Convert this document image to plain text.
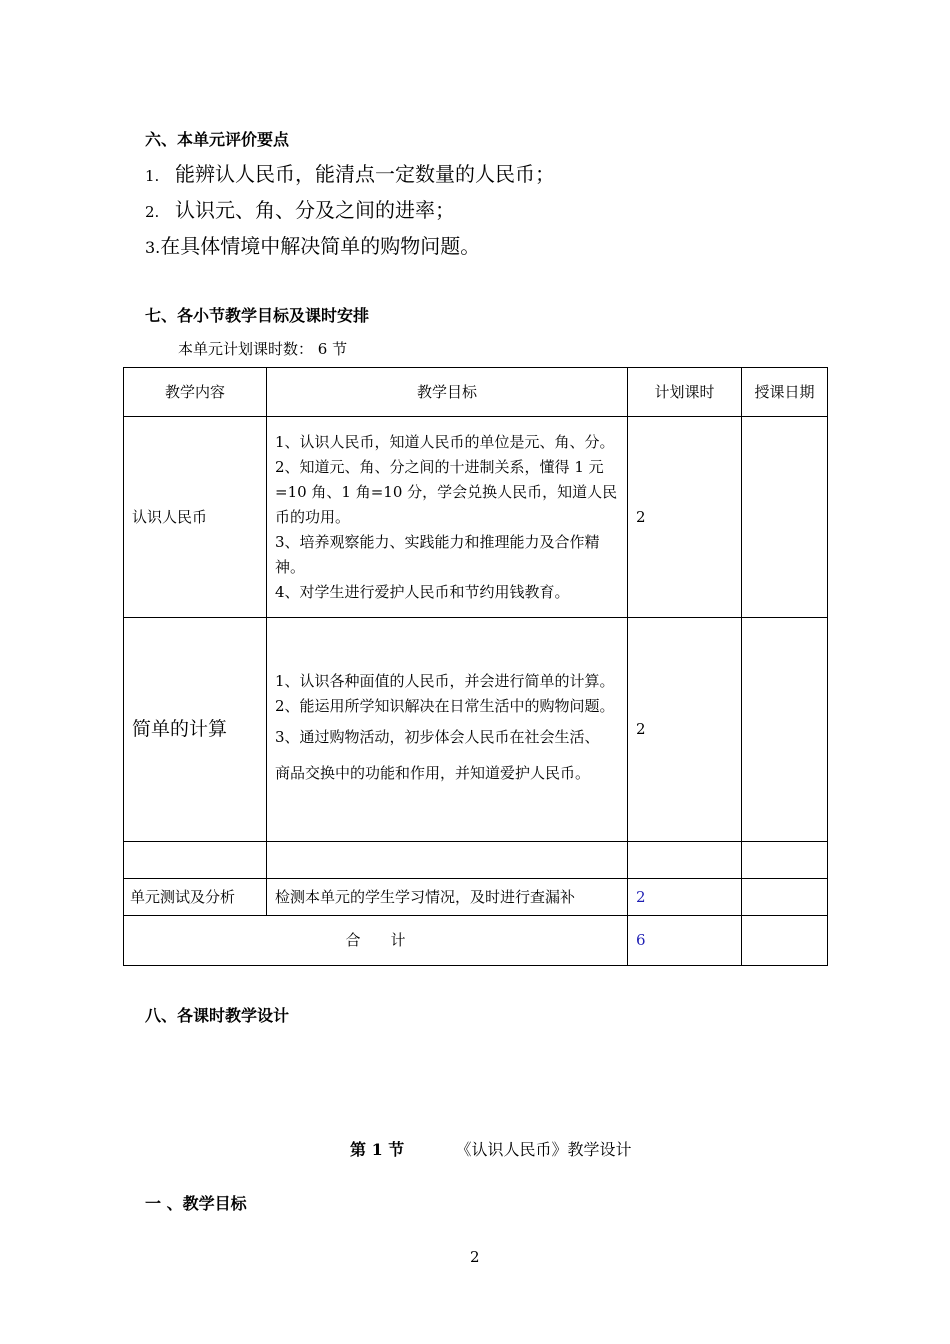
六、本单元评价要点
1. 能辨认人民币，能清点一定数量的人民币；
2. 认识元、角、分及之间的进率；
3.在具体情境中解决简单的购物问题。
七、各小节教学目标及课时安排
本单元计划课时数： 6 节
教学内容	教学目标	计划课时	授课日期
认识人民币	1、认识人民币，知道人民币的单位是元、角、分。
2、知道元、角、分之间的十进制关系，懂得 1 元=10 角、1 角=10 分，学会兑换人民币，知道人民币的功用。
3、培养观察能力、实践能力和推理能力及合作精神。
4、对学生进行爱护人民币和节约用钱教育。	2	
简单的计算	1、认识各种面值的人民币，并会进行简单的计算。
2、能运用所学知识解决在日常生活中的购物问题。
3、通过购物活动，初步体会人民币在社会生活、
商品交换中的功能和作用，并知道爱护人民币。	2	

单元测试及分析	检测本单元的学生学习情况，及时进行查漏补	2	
合　　计		6	
八、各课时教学设计
第 1 节	《认识人民币》教学设计
一 、教学目标
2
